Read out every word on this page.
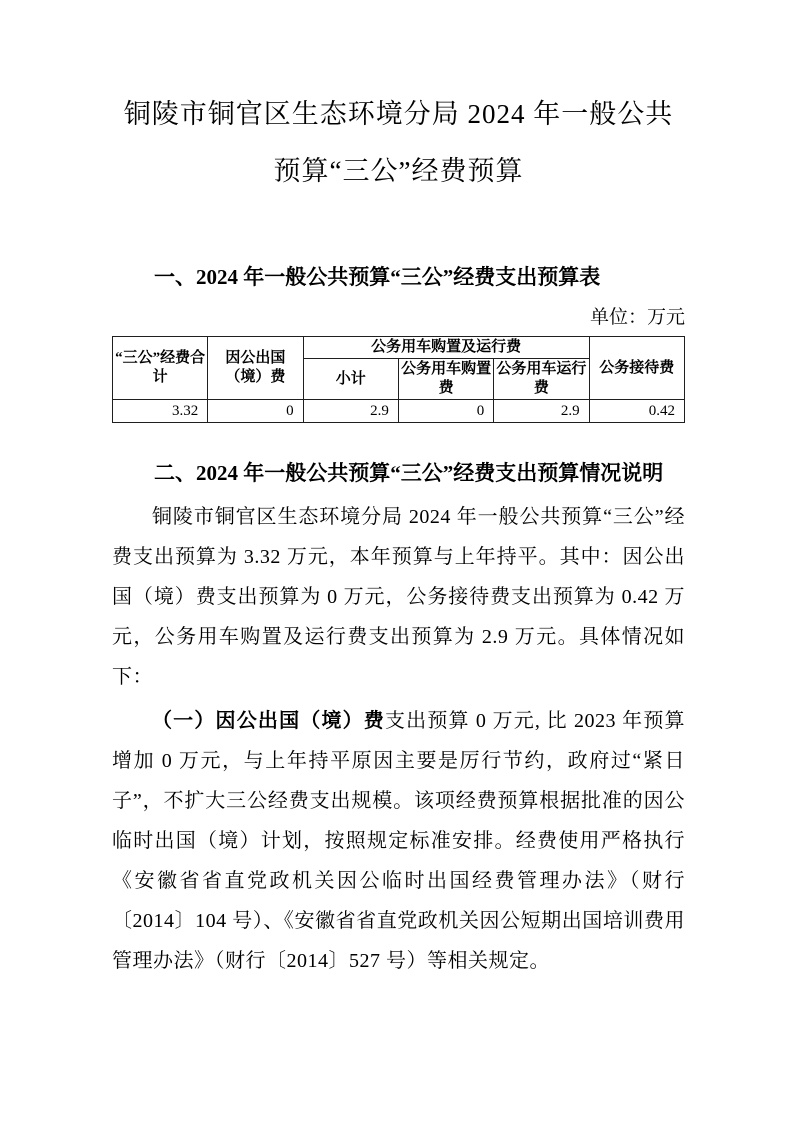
铜陵市铜官区生态环境分局 2024 年一般公共预算“三公”经费预算
一、2024 年一般公共预算“三公”经费支出预算表
单位：万元
“三公”经费合计	因公出国（境）费	公务用车购置及运行费			公务接待费
		小计	公务用车购置费	公务用车运行费	
3.32	0	2.9	0	2.9	0.42
二、2024 年一般公共预算“三公”经费支出预算情况说明

铜陵市铜官区生态环境分局 2024 年一般公共预算“三公”经费支出预算为 3.32 万元，本年预算与上年持平。其中：因公出国（境）费支出预算为 0 万元，公务接待费支出预算为 0.42 万元，公务用车购置及运行费支出预算为 2.9 万元。具体情况如下：

（一）因公出国（境）费支出预算 0 万元, 比 2023 年预算增加 0 万元，与上年持平原因主要是厉行节约，政府过“紧日子”，不扩大三公经费支出规模。该项经费预算根据批准的因公临时出国（境）计划，按照规定标准安排。经费使用严格执行《安徽省省直党政机关因公临时出国经费管理办法》（财行〔2014〕104 号）、《安徽省省直党政机关因公短期出国培训费用管理办法》（财行〔2014〕527 号）等相关规定。
